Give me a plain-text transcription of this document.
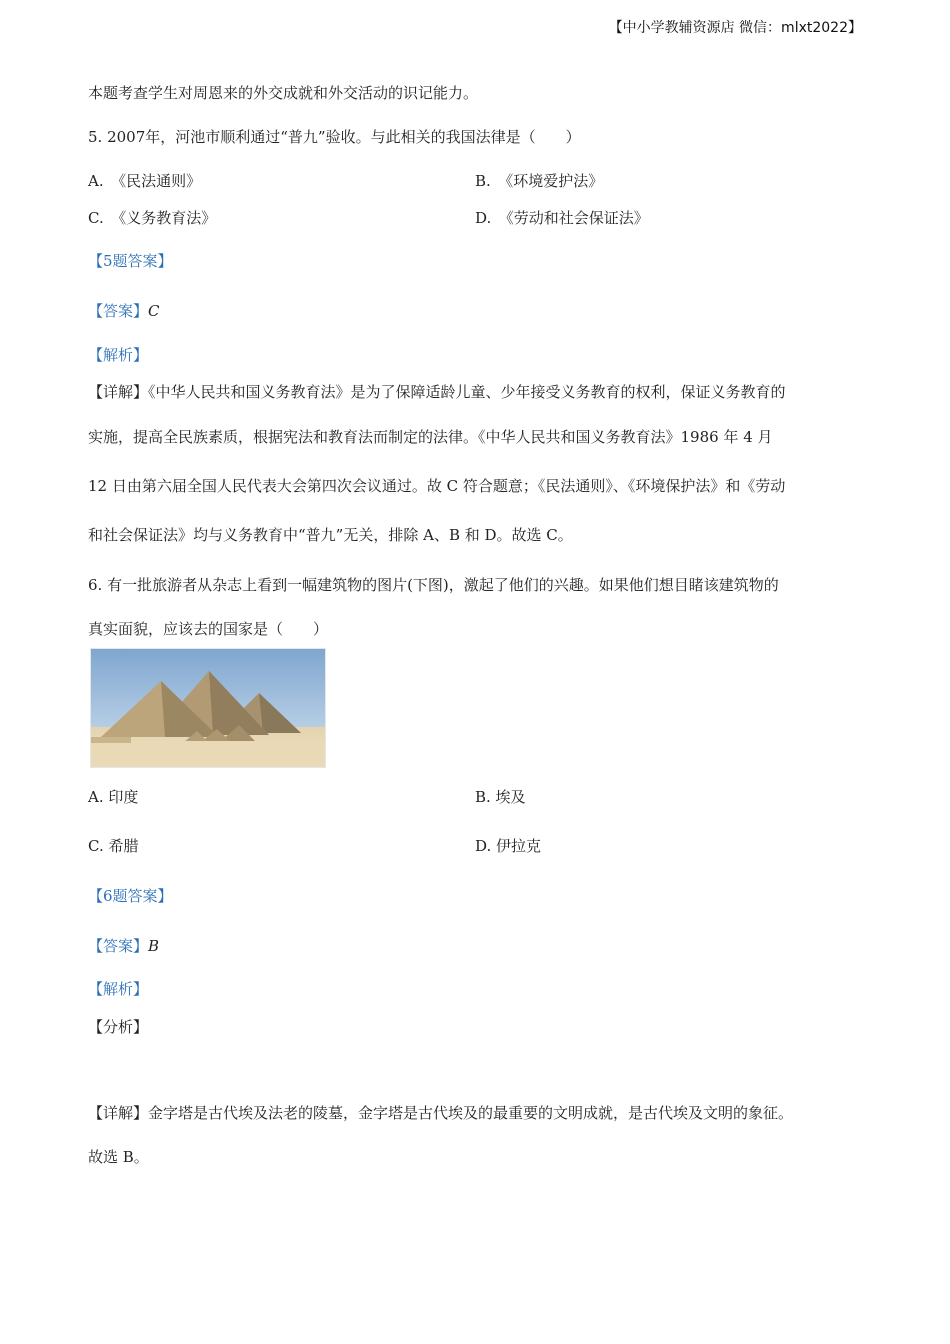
【中小学教辅资源店 微信：mlxt2022】
本题考查学生对周恩来的外交成就和外交活动的识记能力。
5. 2007年，河池市顺利通过“普九”验收。与此相关的我国法律是（　　）
A.　《民法通则》	B.　《环境爱护法》
C.　《义务教育法》	D.　《劳动和社会保证法》
【5题答案】
【答案】C
【解析】
【详解】《中华人民共和国义务教育法》是为了保障适龄儿童、少年接受义务教育的权利，保证义务教育的
实施，提高全民族素质，根据宪法和教育法而制定的法律。《中华人民共和国义务教育法》1986 年 4 月
12 日由第六届全国人民代表大会第四次会议通过。故 C 符合题意；《民法通则》、《环境保护法》和《劳动
和社会保证法》均与义务教育中“普九”无关，排除 A、B 和 D。故选 C。
6. 有一批旅游者从杂志上看到一幅建筑物的图片(下图)，激起了他们的兴趣。如果他们想目睹该建筑物的
真实面貌，应该去的国家是（　　）
A. 印度	B. 埃及
C. 希腊	D. 伊拉克
【6题答案】
【答案】B
【解析】
【分析】
【详解】金字塔是古代埃及法老的陵墓，金字塔是古代埃及的最重要的文明成就，是古代埃及文明的象征。
故选 B。
